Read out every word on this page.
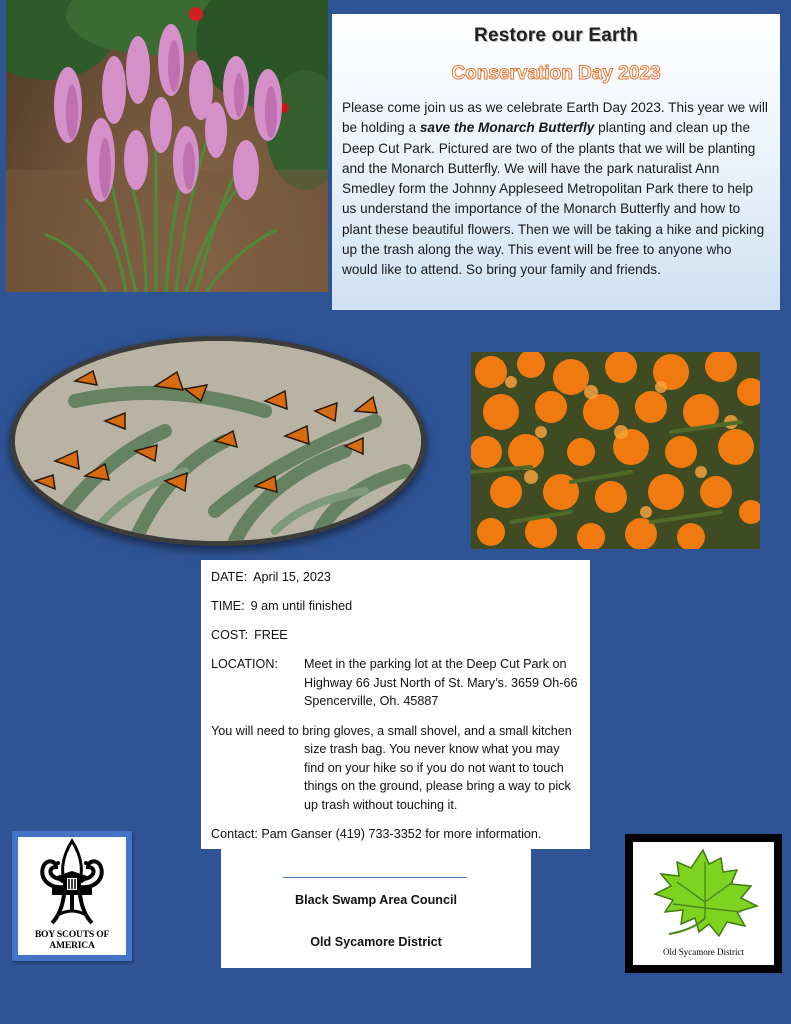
Restore our Earth
Conservation Day 2023
Please come join us as we celebrate Earth Day 2023. This year we will be holding a save the Monarch Butterfly planting and clean up the Deep Cut Park. Pictured are two of the plants that we will be planting and the Monarch Butterfly. We will have the park naturalist Ann Smedley form the Johnny Appleseed Metropolitan Park there to help us understand the importance of the Monarch Butterfly and how to plant these beautiful flowers. Then we will be taking a hike and picking up the trash along the way. This event will be free to anyone who would like to attend. So bring your family and friends.
DATE: April 15, 2023
TIME: 9 am until finished
COST: FREE
LOCATION:	Meet in the parking lot at the Deep Cut Park on Highway 66 Just North of St. Mary’s. 3659 Oh-66 Spencerville, Oh. 45887
You will need to bring gloves, a small shovel, and a small kitchen
size trash bag. You never know what you may find on your hike so if you do not want to touch things on the ground, please bring a way to pick up trash without touching it.
Contact: Pam Ganser (419) 733-3352 for more information.
Black Swamp Area Council
Old Sycamore District
BOY SCOUTS OF AMERICA
Old Sycamore District
